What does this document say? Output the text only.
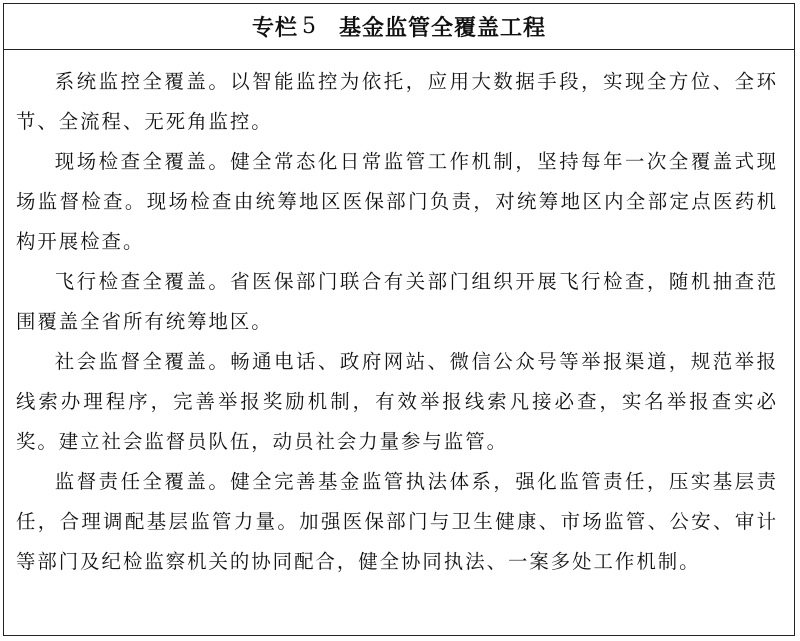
专栏 5 基金监管全覆盖工程

系统监控全覆盖。以智能监控为依托，应用大数据手段，实现全方位、全环节、全流程、无死角监控。

现场检查全覆盖。健全常态化日常监管工作机制，坚持每年一次全覆盖式现场监督检查。现场检查由统筹地区医保部门负责，对统筹地区内全部定点医药机构开展检查。

飞行检查全覆盖。省医保部门联合有关部门组织开展飞行检查，随机抽查范围覆盖全省所有统筹地区。

社会监督全覆盖。畅通电话、政府网站、微信公众号等举报渠道，规范举报线索办理程序，完善举报奖励机制，有效举报线索凡接必查，实名举报查实必奖。建立社会监督员队伍，动员社会力量参与监管。

监督责任全覆盖。健全完善基金监管执法体系，强化监管责任，压实基层责任，合理调配基层监管力量。加强医保部门与卫生健康、市场监管、公安、审计等部门及纪检监察机关的协同配合，健全协同执法、一案多处工作机制。
